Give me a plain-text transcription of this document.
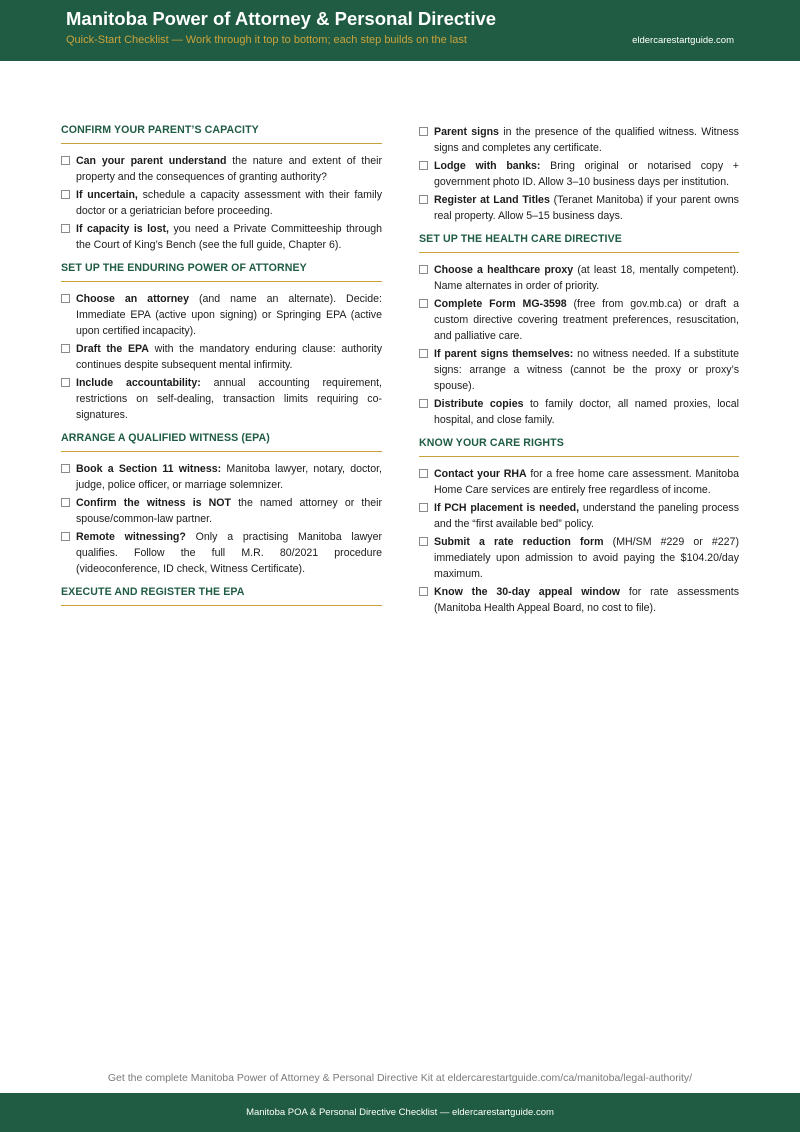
Manitoba Power of Attorney & Personal Directive
Quick-Start Checklist — Work through it top to bottom; each step builds on the last	eldercarestartguide.com
CONFIRM YOUR PARENT’S CAPACITY
Can your parent understand the nature and extent of their property and the consequences of granting authority?
If uncertain, schedule a capacity assessment with their family doctor or a geriatrician before proceeding.
If capacity is lost, you need a Private Committeeship through the Court of King’s Bench (see the full guide, Chapter 6).
SET UP THE ENDURING POWER OF ATTORNEY
Choose an attorney (and name an alternate). Decide: Immediate EPA (active upon signing) or Springing EPA (active upon certified incapacity).
Draft the EPA with the mandatory enduring clause: authority continues despite subsequent mental infirmity.
Include accountability: annual accounting requirement, restrictions on self-dealing, transaction limits requiring co-signatures.
ARRANGE A QUALIFIED WITNESS (EPA)
Book a Section 11 witness: Manitoba lawyer, notary, doctor, judge, police officer, or marriage solemnizer.
Confirm the witness is NOT the named attorney or their spouse/common-law partner.
Remote witnessing? Only a practising Manitoba lawyer qualifies. Follow the full M.R. 80/2021 procedure (videoconference, ID check, Witness Certificate).
EXECUTE AND REGISTER THE EPA
Parent signs in the presence of the qualified witness. Witness signs and completes any certificate.
Lodge with banks: Bring original or notarised copy + government photo ID. Allow 3–10 business days per institution.
Register at Land Titles (Teranet Manitoba) if your parent owns real property. Allow 5–15 business days.
SET UP THE HEALTH CARE DIRECTIVE
Choose a healthcare proxy (at least 18, mentally competent). Name alternates in order of priority.
Complete Form MG-3598 (free from gov.mb.ca) or draft a custom directive covering treatment preferences, resuscitation, and palliative care.
If parent signs themselves: no witness needed. If a substitute signs: arrange a witness (cannot be the proxy or proxy’s spouse).
Distribute copies to family doctor, all named proxies, local hospital, and close family.
KNOW YOUR CARE RIGHTS
Contact your RHA for a free home care assessment. Manitoba Home Care services are entirely free regardless of income.
If PCH placement is needed, understand the paneling process and the “first available bed” policy.
Submit a rate reduction form (MH/SM #229 or #227) immediately upon admission to avoid paying the $104.20/day maximum.
Know the 30-day appeal window for rate assessments (Manitoba Health Appeal Board, no cost to file).
Get the complete Manitoba Power of Attorney & Personal Directive Kit at eldercarestartguide.com/ca/manitoba/legal-authority/
Manitoba POA & Personal Directive Checklist — eldercarestartguide.com
